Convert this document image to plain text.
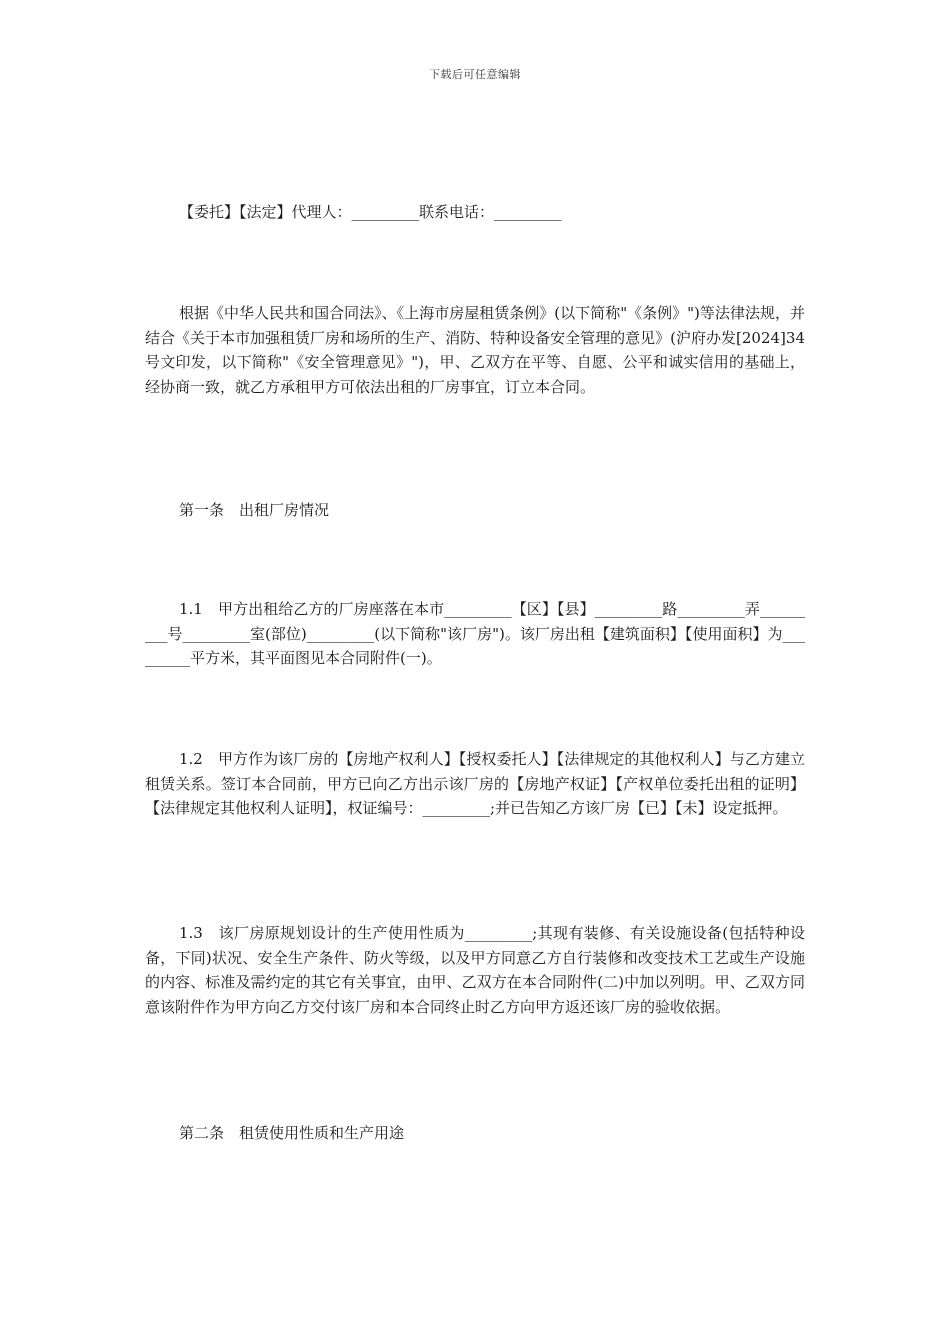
下载后可任意编辑

【委托】【法定】代理人：_________联系电话：_________

根据《中华人民共和国合同法》、《上海市房屋租赁条例》(以下简称"《条例》")等法律法规，并结合《关于本市加强租赁厂房和场所的生产、消防、特种设备安全管理的意见》(沪府办发[2024]34号文印发，以下简称"《安全管理意见》")，甲、乙双方在平等、自愿、公平和诚实信用的基础上，经协商一致，就乙方承租甲方可依法出租的厂房事宜，订立本合同。

第一条　出租厂房情况

1.1　甲方出租给乙方的厂房座落在本市_________【区】【县】_________路_________弄_________号_________室(部位)_________(以下简称"该厂房")。该厂房出租【建筑面积】【使用面积】为_________平方米，其平面图见本合同附件(一)。

1.2　甲方作为该厂房的【房地产权利人】【授权委托人】【法律规定的其他权利人】与乙方建立租赁关系。签订本合同前，甲方已向乙方出示该厂房的【房地产权证】【产权单位委托出租的证明】【法律规定其他权利人证明】，权证编号：_________;并已告知乙方该厂房【已】【未】设定抵押。

1.3　该厂房原规划设计的生产使用性质为_________;其现有装修、有关设施设备(包括特种设备，下同)状况、安全生产条件、防火等级，以及甲方同意乙方自行装修和改变技术工艺或生产设施的内容、标准及需约定的其它有关事宜，由甲、乙双方在本合同附件(二)中加以列明。甲、乙双方同意该附件作为甲方向乙方交付该厂房和本合同终止时乙方向甲方返还该厂房的验收依据。

第二条　租赁使用性质和生产用途
